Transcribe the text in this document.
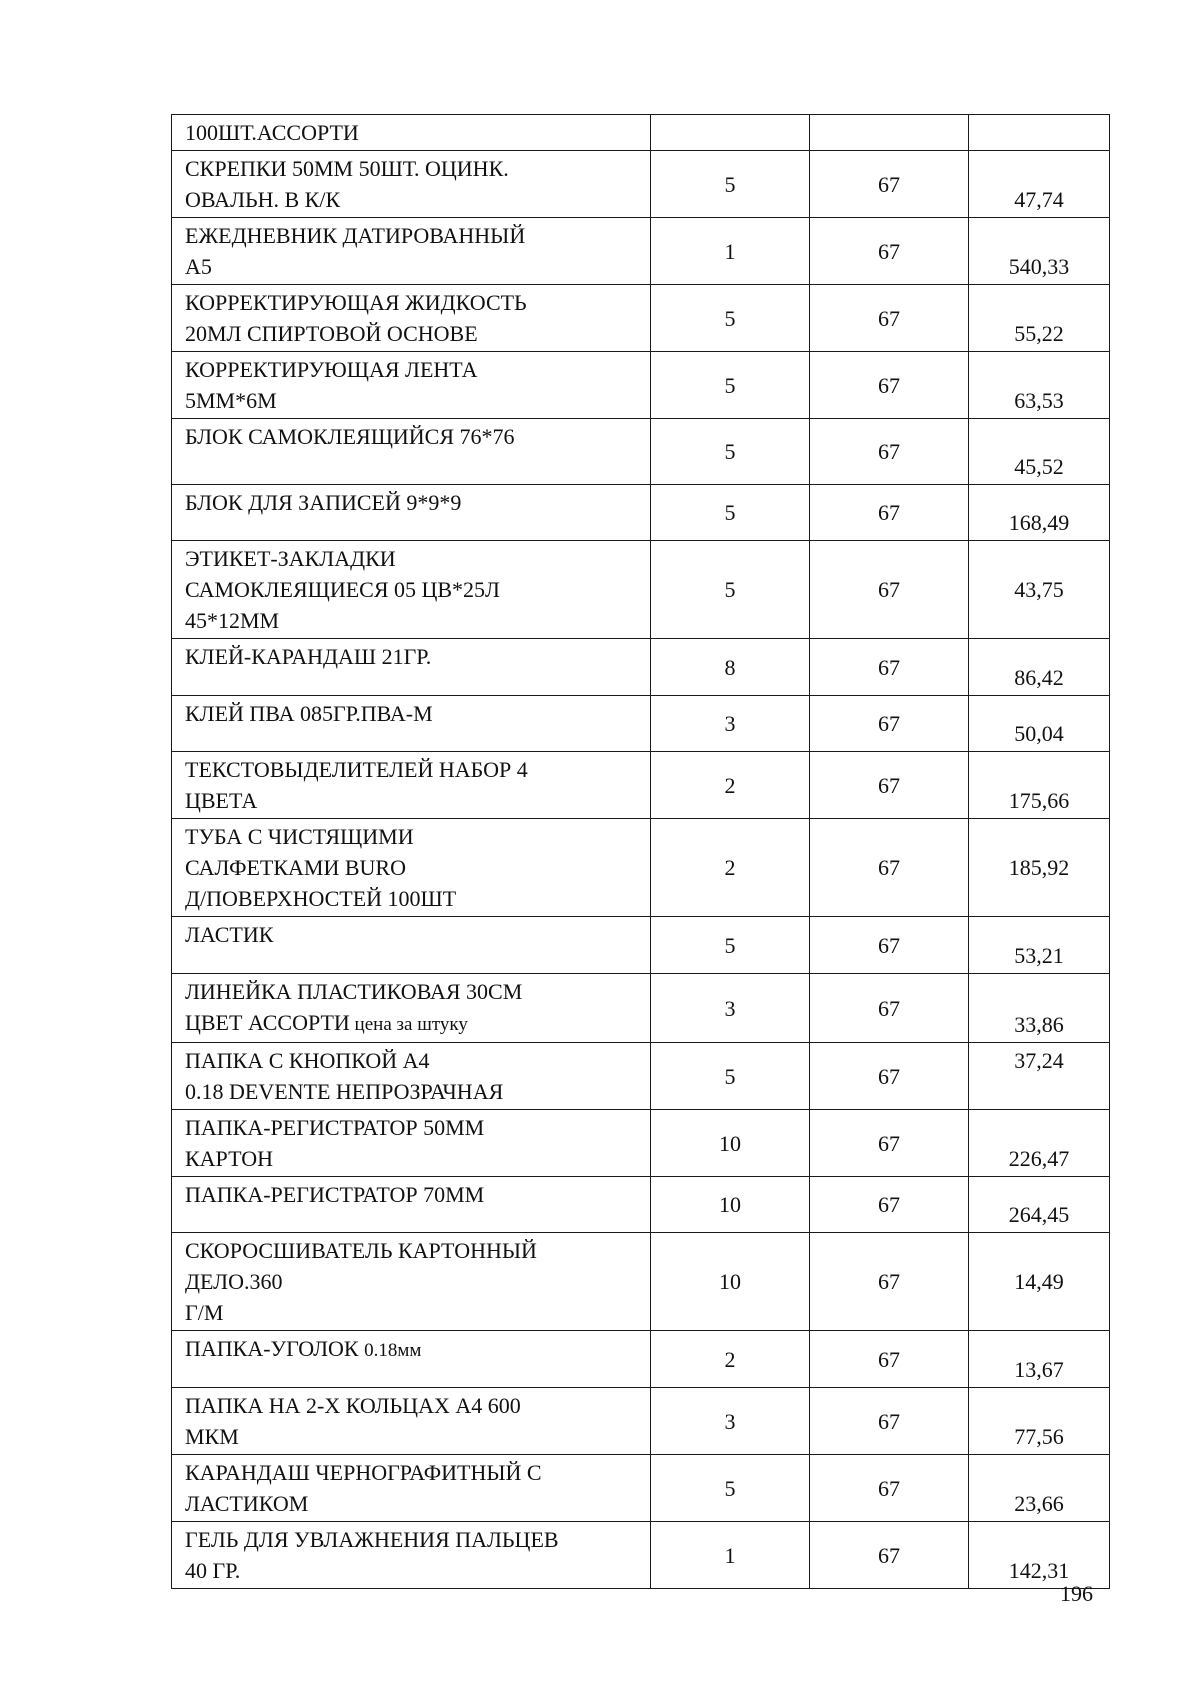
100ШТ.АССОРТИ			
СКРЕПКИ 50ММ 50ШТ. ОЦИНК.
ОВАЛЬН. В К/К	5	67	47,74
ЕЖЕДНЕВНИК ДАТИРОВАННЫЙ
А5	1	67	540,33
КОРРЕКТИРУЮЩАЯ ЖИДКОСТЬ
20МЛ СПИРТОВОЙ ОСНОВЕ	5	67	55,22
КОРРЕКТИРУЮЩАЯ ЛЕНТА
5ММ*6М	5	67	63,53
БЛОК САМОКЛЕЯЩИЙСЯ 76*76	5	67	45,52
БЛОК ДЛЯ ЗАПИСЕЙ 9*9*9	5	67	168,49
ЭТИКЕТ-ЗАКЛАДКИ
САМОКЛЕЯЩИЕСЯ 05 ЦВ*25Л
45*12ММ	5	67	43,75
КЛЕЙ-КАРАНДАШ 21ГР.	8	67	86,42
КЛЕЙ ПВА 085ГР.ПВА-М	3	67	50,04
ТЕКСТОВЫДЕЛИТЕЛЕЙ НАБОР 4
ЦВЕТА	2	67	175,66
ТУБА С ЧИСТЯЩИМИ
САЛФЕТКАМИ BURO
Д/ПОВЕРХНОСТЕЙ 100ШТ	2	67	185,92
ЛАСТИК	5	67	53,21
ЛИНЕЙКА ПЛАСТИКОВАЯ 30СМ
ЦВЕТ АССОРТИ цена за штуку	3	67	33,86
ПАПКА С КНОПКОЙ А4
0.18 DEVENTE НЕПРОЗРАЧНАЯ	5	67	37,24
ПАПКА-РЕГИСТРАТОР 50ММ
КАРТОН	10	67	226,47
ПАПКА-РЕГИСТРАТОР 70ММ	10	67	264,45
СКОРОСШИВАТЕЛЬ КАРТОННЫЙ
ДЕЛО.360
Г/М	10	67	14,49
ПАПКА-УГОЛОК 0.18мм	2	67	13,67
ПАПКА НА 2-Х КОЛЬЦАХ А4 600
МКМ	3	67	77,56
КАРАНДАШ ЧЕРНОГРАФИТНЫЙ С
ЛАСТИКОМ	5	67	23,66
ГЕЛЬ ДЛЯ УВЛАЖНЕНИЯ ПАЛЬЦЕВ
40 ГР.	1	67	142,31
196
